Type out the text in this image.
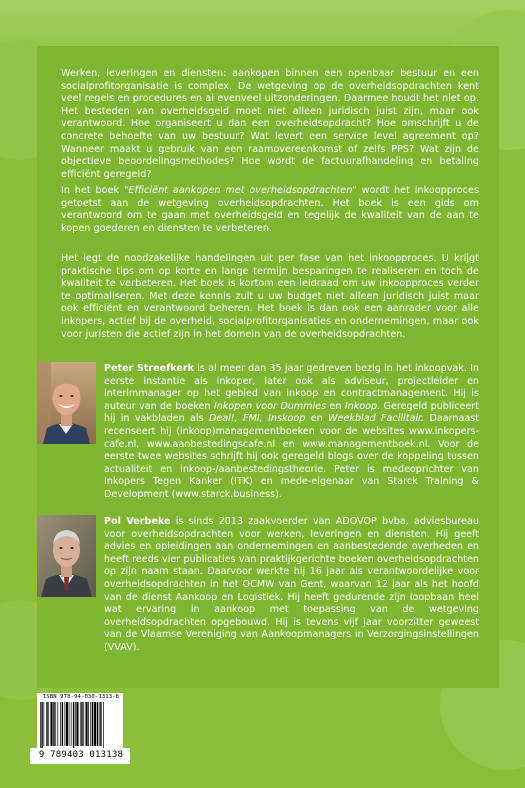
Werken, leveringen en diensten: aankopen binnen een openbaar bestuur en een socialprofitorganisatie is complex. De wetgeving op de overheidsopdrachten kent veel regels en procedures en al evenveel uitzonderingen. Daarmee houdt het niet op. Het besteden van overheidsgeld moet niet alleen juridisch juist zijn, maar ook verantwoord. Hoe organiseert u dan een overheidsopdracht? Hoe omschrijft u de concrete behoefte van uw bestuur? Wat levert een service level agreement op? Wanneer maakt u gebruik van een raamovereenkomst of zelfs PPS? Wat zijn de objectieve beoordelingsmethodes? Hoe wordt de factuurafhandeling en betaling efficiënt geregeld?

In het boek "Efficiënt aankopen met overheidsopdrachten" wordt het inkoopproces getoetst aan de wetgeving overheidsopdrachten. Het boek is een gids om verantwoord om te gaan met overheidsgeld en tegelijk de kwaliteit van de aan te kopen goederen en diensten te verbeteren.

Het legt de noodzakelijke handelingen uit per fase van het inkoopproces. U krijgt praktische tips om op korte en lange termijn besparingen te realiseren en toch de kwaliteit te verbeteren. Het boek is kortom een leidraad om uw inkoopproces verder te optimaliseren. Met deze kennis zult u uw budget niet alleen juridisch juist maar ook efficiënt en verantwoord beheren. Het boek is dan ook een aanrader voor alle inkopers, actief bij de overheid, socialprofitorganisaties en ondernemingen, maar ook voor juristen die actief zijn in het domein van de overheidsopdrachten.

Peter Streefkerk is al meer dan 35 jaar gedreven bezig in het inkoopvak. In eerste instantie als inkoper, later ook als adviseur, projectleider en interimmanager op het gebied van inkoop en contractmanagement. Hij is auteur van de boeken Inkopen voor Dummies en Inkoop. Geregeld publiceert hij in vakbladen als Deal!, FMI, Inskoop en Weekblad Facilitair. Daarnaast recenseert hij (inkoop)managementboeken voor de websites www.inkopers-cafe.nl, www.aanbestedingscafe.nl en www.managementboek.nl. Voor de eerste twee websites schrijft hij ook geregeld blogs over de koppeling tussen actualiteit en inkoop-/aanbestedingstheorie. Peter is medeoprichter van Inkopers Tegen Kanker (ITK) en mede-eigenaar van Starck Training & Development (www.starck.business).

Pol Verbeke is sinds 2013 zaakvoerder van ADOVOP bvba, adviesbureau voor overheidsopdrachten voor werken, leveringen en diensten. Hij geeft advies en opleidingen aan ondernemingen en aanbestedende overheden en heeft reeds vier publicaties van praktijkgerichte boeken overheidsopdrachten op zijn naam staan. Daarvoor werkte hij 16 jaar als verantwoordelijke voor overheidsopdrachten in het OCMW van Gent, waarvan 12 jaar als het hoofd van de dienst Aankoop en Logistiek. Hij heeft gedurende zijn loopbaan heel wat ervaring in aankoop met toepassing van de wetgeving overheidsopdrachten opgebouwd. Hij is tevens vijf jaar voorzitter geweest van de Vlaamse Vereniging van Aankoopmanagers in Verzorgingsinstellingen (VVAV).

ISBN 978-94-030-1313-8
9 789403 013138
